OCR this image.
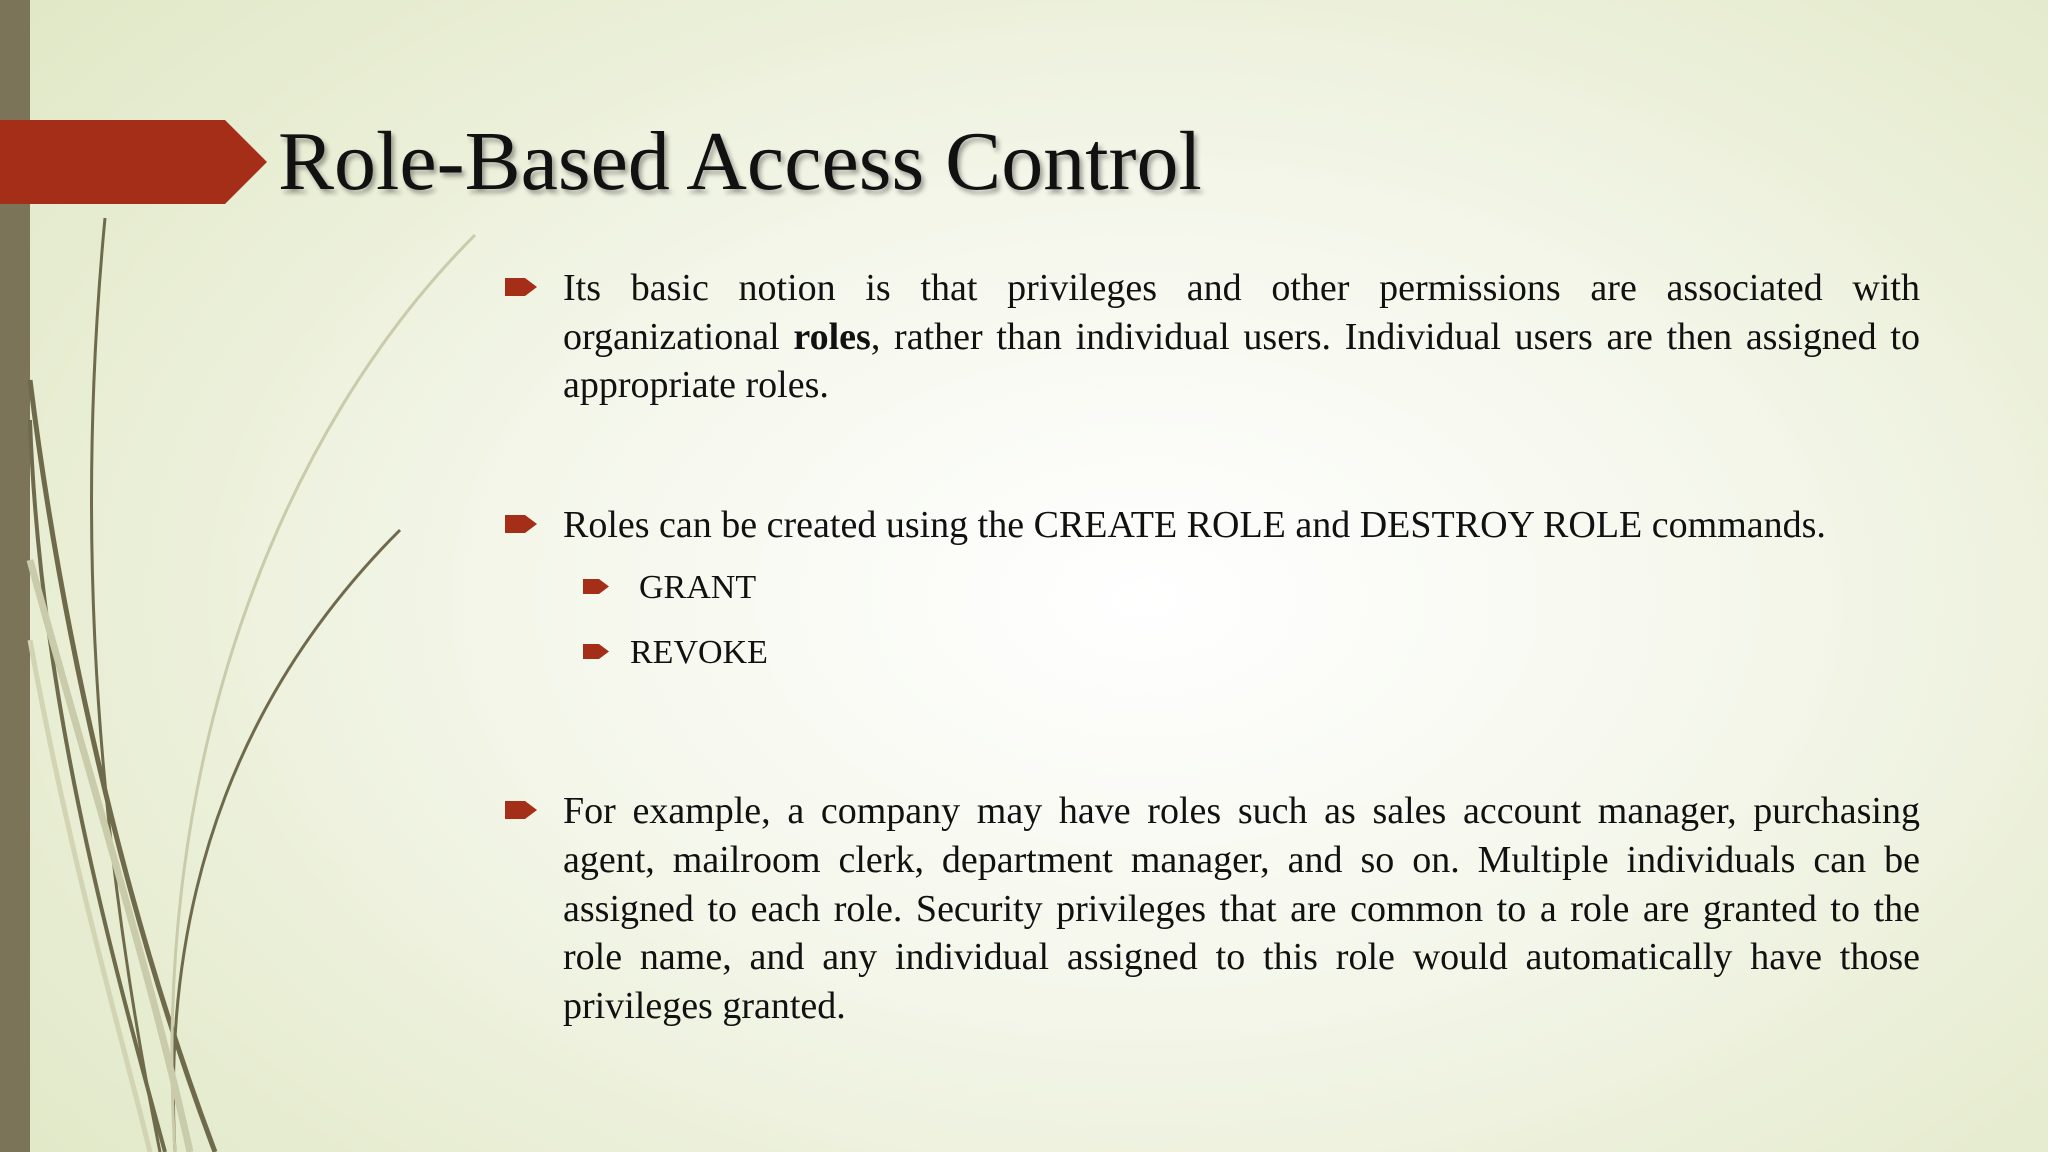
Role-Based Access Control
Its basic notion is that privileges and other permissions are associated with organizational roles, rather than individual users. Individual users are then assigned to appropriate roles.
Roles can be created using the CREATE ROLE and DESTROY ROLE commands.
GRANT
REVOKE
For example, a company may have roles such as sales account manager, purchasing agent, mailroom clerk, department manager, and so on. Multiple individuals can be assigned to each role. Security privileges that are common to a role are granted to the role name, and any individual assigned to this role would automatically have those privileges granted.
